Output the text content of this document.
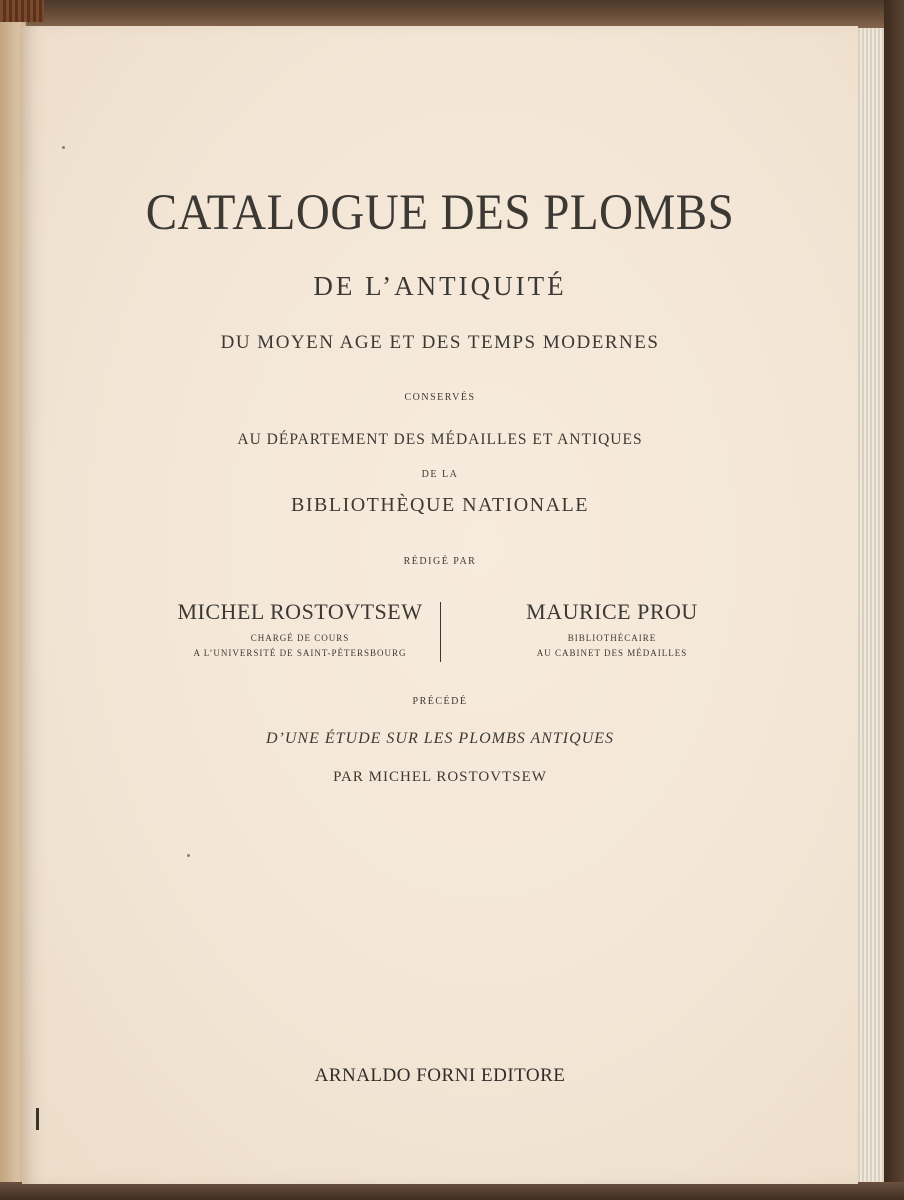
CATALOGUE DES PLOMBS
DE L’ANTIQUITÉ
DU MOYEN AGE ET DES TEMPS MODERNES
CONSERVÉS
AU DÉPARTEMENT DES MÉDAILLES ET ANTIQUES
DE LA
BIBLIOTHÈQUE NATIONALE
RÉDIGÉ PAR
MICHEL ROSTOVTSEW
CHARGÉ DE COURS
A L’UNIVERSITÉ DE SAINT-PÉTERSBOURG
MAURICE PROU
BIBLIOTHÉCAIRE
AU CABINET DES MÉDAILLES
PRÉCÉDÉ
D’UNE ÉTUDE SUR LES PLOMBS ANTIQUES
PAR MICHEL ROSTOVTSEW
ARNALDO FORNI EDITORE
